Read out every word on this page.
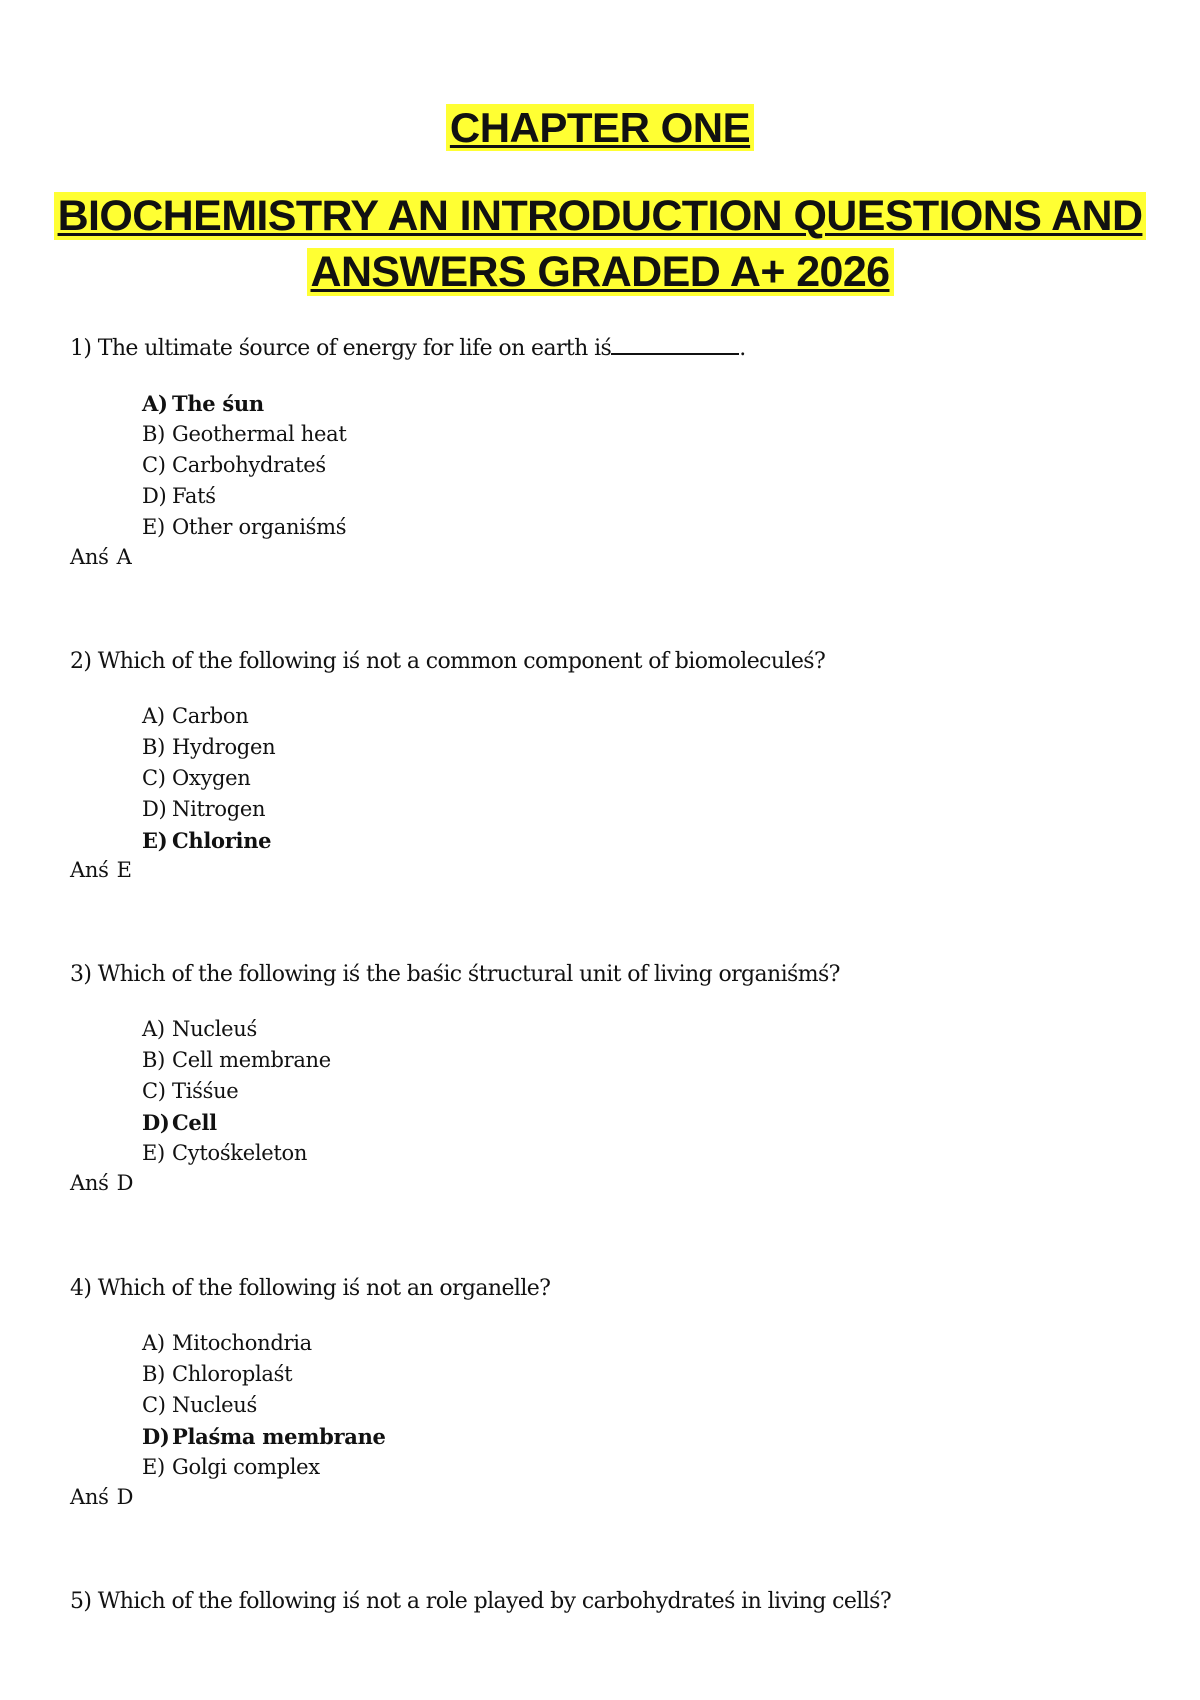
CHAPTER ONE
BIOCHEMISTRY AN INTRODUCTION QUESTIONS AND
ANSWERS GRADED A+ 2026
1) The ultimate śource of energy for life on earth iś	.
A) The śun
B) Geothermal heat
C) Carbohydrateś
D) Fatś
E) Other organiśmś
Anś A
2) Which of the following iś not a common component of biomoleculeś?
A) Carbon
B) Hydrogen
C) Oxygen
D) Nitrogen
E) Chlorine
Anś E
3) Which of the following iś the baśic śtructural unit of living organiśmś?
A) Nucleuś
B) Cell membrane
C) Tiśśue
D) Cell
E) Cytośkeleton
Anś D
4) Which of the following iś not an organelle?
A) Mitochondria
B) Chloroplaśt
C) Nucleuś
D) Plaśma membrane
E) Golgi complex
Anś D
5) Which of the following iś not a role played by carbohydrateś in living cellś?
